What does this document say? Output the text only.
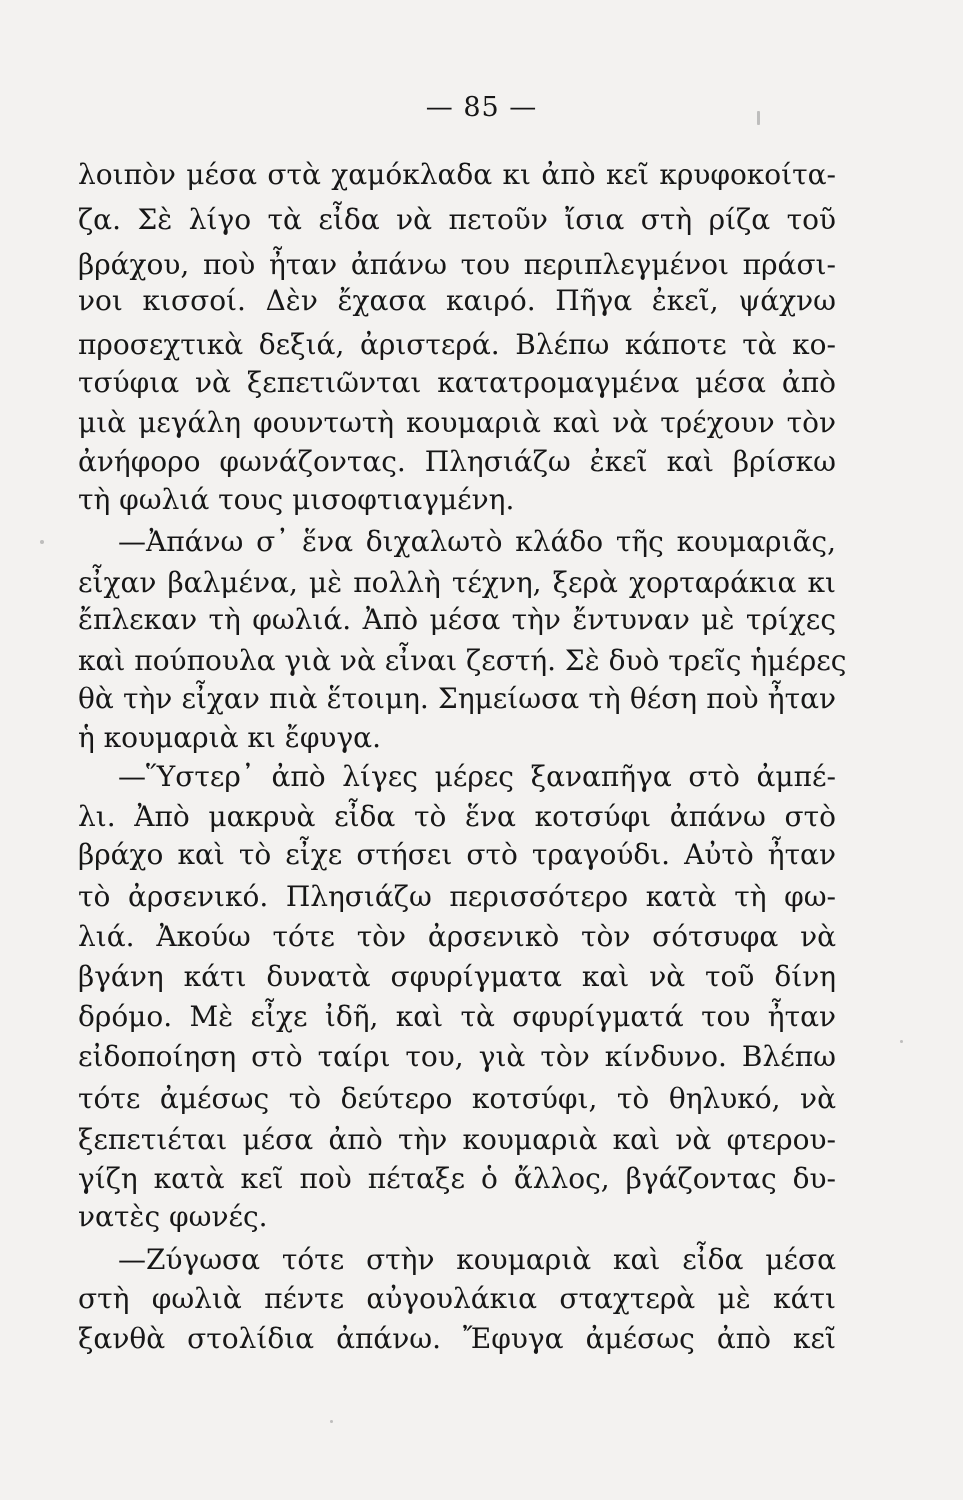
— 85 —
λοιπὸν μέσα στὰ χαμόκλαδα κι ἀπὸ κεῖ κρυφοκοίτα-
ζα. Σὲ λίγο τὰ εἶδα νὰ πετοῦν ἴσια στὴ ρίζα τοῦ
βράχου, ποὺ ἦταν ἀπάνω του περιπλεγμένοι πράσι-
νοι κισσοί. Δὲν ἔχασα καιρό. Πῆγα ἐκεῖ, ψάχνω
προσεχτικὰ δεξιά, ἀριστερά. Βλέπω κάποτε τὰ κο-
τσύφια νὰ ξεπετιῶνται κατατρομαγμένα μέσα ἀπὸ
μιὰ μεγάλη φουντωτὴ κουμαριὰ καὶ νὰ τρέχουν τὸν
ἀνήφορο φωνάζοντας. Πλησιάζω ἐκεῖ καὶ βρίσκω
τὴ φωλιά τους μισοφτιαγμένη.
—Ἀπάνω σ᾽ ἕνα διχαλωτὸ κλάδο τῆς κουμαριᾶς,
εἶχαν βαλμένα, μὲ πολλὴ τέχνη, ξερὰ χορταράκια κι
ἔπλεκαν τὴ φωλιά. Ἀπὸ μέσα τὴν ἔντυναν μὲ τρίχες
καὶ πούπουλα γιὰ νὰ εἶναι ζεστή. Σὲ δυὸ τρεῖς ἡμέρες
θὰ τὴν εἶχαν πιὰ ἕτοιμη. Σημείωσα τὴ θέση ποὺ ἦταν
ἡ κουμαριὰ κι ἔφυγα.
—Ὕστερ᾽ ἀπὸ λίγες μέρες ξαναπῆγα στὸ ἀμπέ-
λι. Ἀπὸ μακρυὰ εἶδα τὸ ἕνα κοτσύφι ἀπάνω στὸ
βράχο καὶ τὸ εἶχε στήσει στὸ τραγούδι. Αὐτὸ ἦταν
τὸ ἀρσενικό. Πλησιάζω περισσότερο κατὰ τὴ φω-
λιά. Ἀκούω τότε τὸν ἀρσενικὸ τὸν σότσυφα νὰ
βγάνη κάτι δυνατὰ σφυρίγματα καὶ νὰ τοῦ δίνη
δρόμο. Μὲ εἶχε ἰδῆ, καὶ τὰ σφυρίγματά του ἦταν
εἰδοποίηση στὸ ταίρι του, γιὰ τὸν κίνδυνο. Βλέπω
τότε ἀμέσως τὸ δεύτερο κοτσύφι, τὸ θηλυκό, νὰ
ξεπετιέται μέσα ἀπὸ τὴν κουμαριὰ καὶ νὰ φτερου-
γίζη κατὰ κεῖ ποὺ πέταξε ὁ ἄλλος, βγάζοντας δυ-
νατὲς φωνές.
—Ζύγωσα τότε στὴν κουμαριὰ καὶ εἶδα μέσα
στὴ φωλιὰ πέντε αὐγουλάκια σταχτερὰ μὲ κάτι
ξανθὰ στολίδια ἀπάνω. Ἔφυγα ἀμέσως ἀπὸ κεῖ
